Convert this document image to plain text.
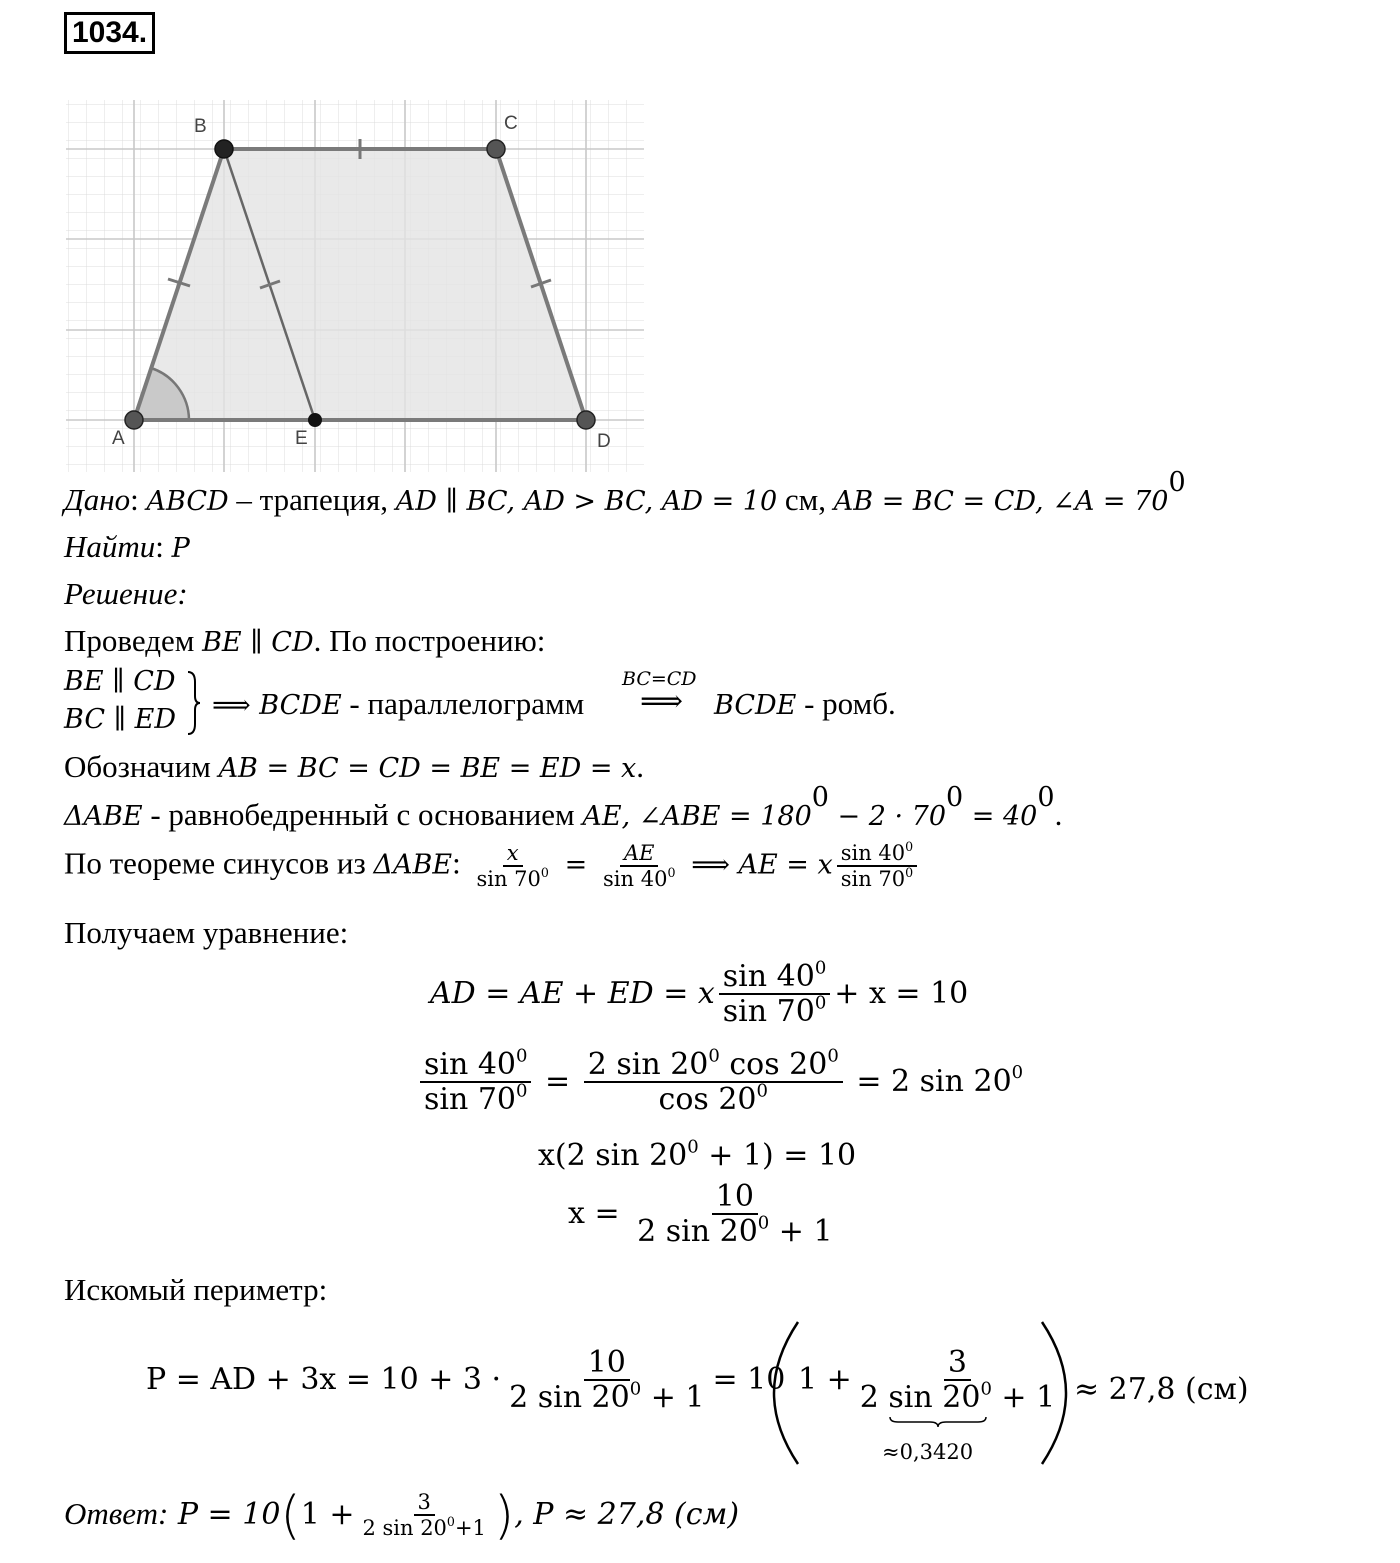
1034.
B	C
A	E	D
Дано: ABCD – трапеция, AD ∥ BC, AD > BC, AD = 10 см, AB = BC = CD, ∠A = $70^0$
Найти: P
Решение:
Проведем BE ∥ CD. По построению:
BE ∥ CD
BC ∥ ED ⟹ BCDE - параллелограмм
BC=CD
⟹ BCDE - ромб.
Обозначим AB = BC = CD = BE = ED = x.
ΔABE - равнобедренный с основанием AE, ∠ABE = $180^0 - 2 \cdot 70^0 = 40^0$.
По теореме синусов из ΔABE: $\frac{x}{\sin 70^0} = \frac{AE}{\sin 40^0}$ ⟹ AE = x $\frac{\sin 40^0}{\sin 70^0}$
Получаем уравнение:
AD = AE + ED = x $\frac{\sin 40^0}{\sin 70^0} + x = 10$
$\frac{\sin 40^0}{\sin 70^0} = \frac{2 \sin 20^0 \cos 20^0}{\cos 20^0} = 2$ $\sin 20^0$
x(2 $\sin 20^0 + 1) = 10$
$x = \frac{10}{2 \sin 20^0 + 1}$
Искомый периметр:
P = AD + $3x = 10 + 3 \cdot \frac{10}{2 \sin 20^0 + 1} = 10$ 1 + 3
2 $\sin 20^0$
+ 1
≈0,3420
≈ 27,8 (см)
Ответ: $P = 10(1 + \frac{3}{2 \sin 20^0+1}$ ), P ≈ 27,8 (см)
